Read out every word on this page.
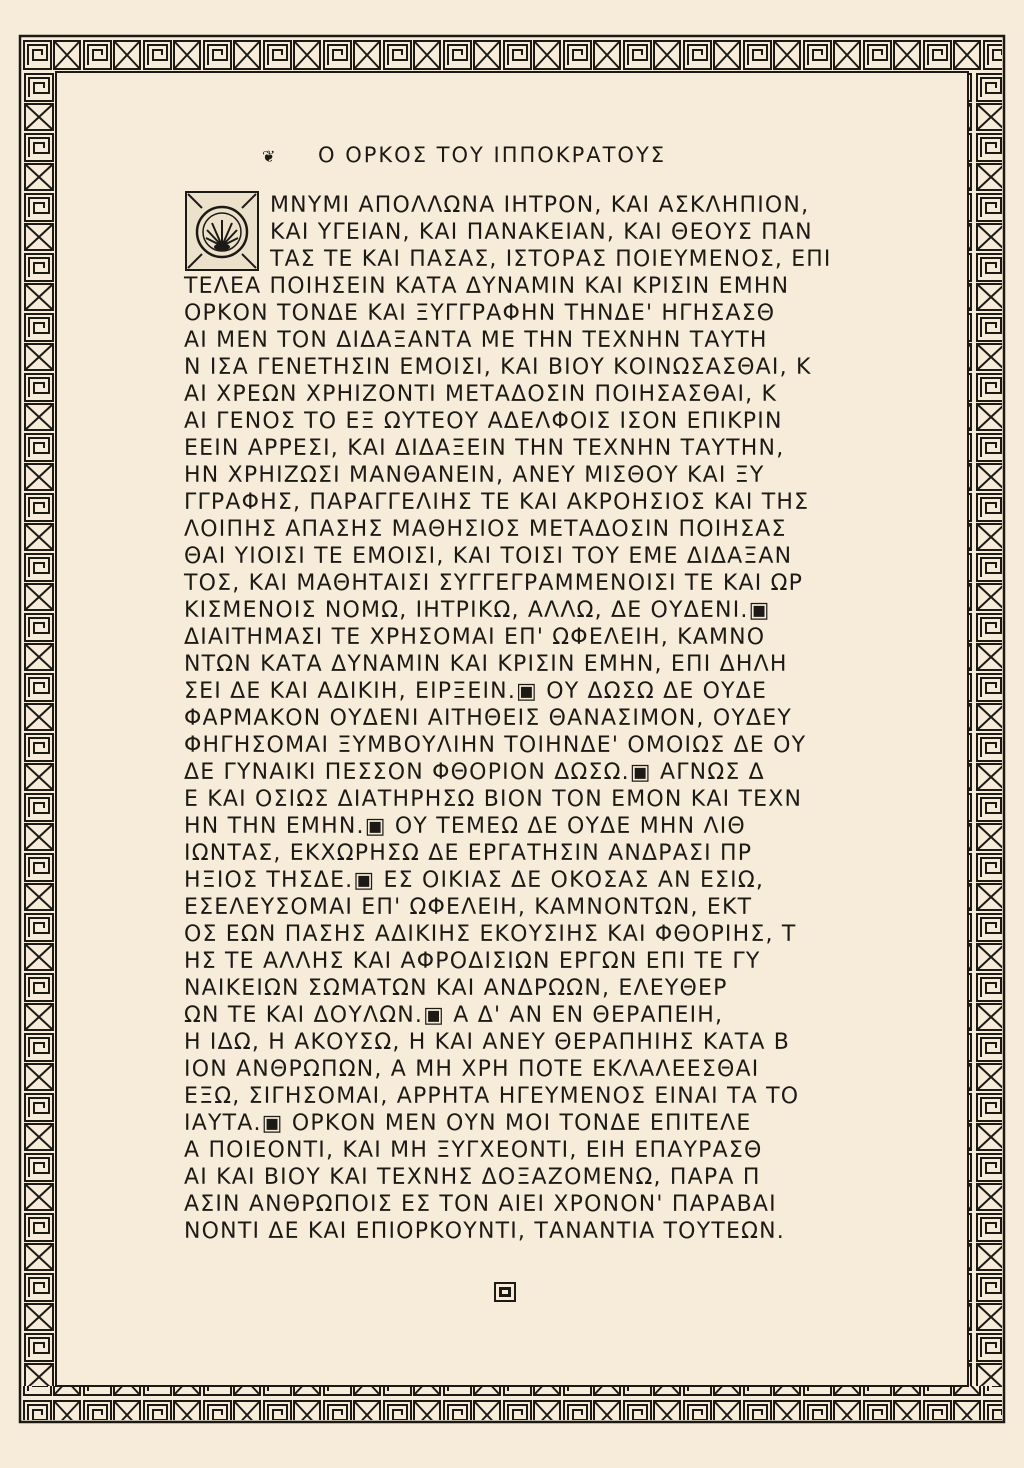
❦ Ο ΟΡΚΟΣ ΤΟΥ ΙΠΠΟΚΡΑΤΟΥΣ
ΜΝΥΜΙ ΑΠΟΛΛΩΝΑ ΙΗΤΡΟΝ, ΚΑΙ ΑΣΚΛΗΠΙΟΝ,
ΚΑΙ ΥΓΕΙΑΝ, ΚΑΙ ΠΑΝΑΚΕΙΑΝ, ΚΑΙ ΘΕΟΥΣ ΠΑΝ
ΤΑΣ ΤΕ ΚΑΙ ΠΑΣΑΣ, ΙΣΤΟΡΑΣ ΠΟΙΕΥΜΕΝΟΣ, ΕΠΙ
ΤΕΛΕΑ ΠΟΙΗΣΕΙΝ ΚΑΤΑ ΔΥΝΑΜΙΝ ΚΑΙ ΚΡΙΣΙΝ ΕΜΗΝ
ΟΡΚΟΝ ΤΟΝΔΕ ΚΑΙ ΞΥΓΓΡΑΦΗΝ ΤΗΝΔΕ' ΗΓΗΣΑΣΘ
ΑΙ ΜΕΝ ΤΟΝ ΔΙΔΑΞΑΝΤΑ ΜΕ ΤΗΝ ΤΕΧΝΗΝ ΤΑΥΤΗ
Ν ΙΣΑ ΓΕΝΕΤΗΣΙΝ ΕΜΟΙΣΙ, ΚΑΙ ΒΙΟΥ ΚΟΙΝΩΣΑΣΘΑΙ, Κ
ΑΙ ΧΡΕΩΝ ΧΡΗΙΖΟΝΤΙ ΜΕΤΑΔΟΣΙΝ ΠΟΙΗΣΑΣΘΑΙ, Κ
ΑΙ ΓΕΝΟΣ ΤΟ ΕΞ ΩΥΤΕΟΥ ΑΔΕΛΦΟΙΣ ΙΣΟΝ ΕΠΙΚΡΙΝ
ΕΕΙΝ ΑΡΡΕΣΙ, ΚΑΙ ΔΙΔΑΞΕΙΝ ΤΗΝ ΤΕΧΝΗΝ ΤΑΥΤΗΝ,
ΗΝ ΧΡΗΙΖΩΣΙ ΜΑΝΘΑΝΕΙΝ, ΑΝΕΥ ΜΙΣΘΟΥ ΚΑΙ ΞΥ
ΓΓΡΑΦΗΣ, ΠΑΡΑΓΓΕΛΙΗΣ ΤΕ ΚΑΙ ΑΚΡΟΗΣΙΟΣ ΚΑΙ ΤΗΣ
ΛΟΙΠΗΣ ΑΠΑΣΗΣ ΜΑΘΗΣΙΟΣ ΜΕΤΑΔΟΣΙΝ ΠΟΙΗΣΑΣ
ΘΑΙ ΥΙΟΙΣΙ ΤΕ ΕΜΟΙΣΙ, ΚΑΙ ΤΟΙΣΙ ΤΟΥ ΕΜΕ ΔΙΔΑΞΑΝ
ΤΟΣ, ΚΑΙ ΜΑΘΗΤΑΙΣΙ ΣΥΓΓΕΓΡΑΜΜΕΝΟΙΣΙ ΤΕ ΚΑΙ ΩΡ
ΚΙΣΜΕΝΟΙΣ ΝΟΜΩ, ΙΗΤΡΙΚΩ, ΑΛΛΩ, ΔΕ ΟΥΔΕΝΙ.▣
ΔΙΑΙΤΗΜΑΣΙ ΤΕ ΧΡΗΣΟΜΑΙ ΕΠ' ΩΦΕΛΕΙΗ, ΚΑΜΝΟ
ΝΤΩΝ ΚΑΤΑ ΔΥΝΑΜΙΝ ΚΑΙ ΚΡΙΣΙΝ ΕΜΗΝ, ΕΠΙ ΔΗΛΗ
ΣΕΙ ΔΕ ΚΑΙ ΑΔΙΚΙΗ, ΕΙΡΞΕΙΝ.▣ ΟΥ ΔΩΣΩ ΔΕ ΟΥΔΕ
ΦΑΡΜΑΚΟΝ ΟΥΔΕΝΙ ΑΙΤΗΘΕΙΣ ΘΑΝΑΣΙΜΟΝ, ΟΥΔΕΥ
ΦΗΓΗΣΟΜΑΙ ΞΥΜΒΟΥΛΙΗΝ ΤΟΙΗΝΔΕ' ΟΜΟΙΩΣ ΔΕ ΟΥ
ΔΕ ΓΥΝΑΙΚΙ ΠΕΣΣΟΝ ΦΘΟΡΙΟΝ ΔΩΣΩ.▣ ΑΓΝΩΣ Δ
Ε ΚΑΙ ΟΣΙΩΣ ΔΙΑΤΗΡΗΣΩ ΒΙΟΝ ΤΟΝ ΕΜΟΝ ΚΑΙ ΤΕΧΝ
ΗΝ ΤΗΝ ΕΜΗΝ.▣ ΟΥ ΤΕΜΕΩ ΔΕ ΟΥΔΕ ΜΗΝ ΛΙΘ
ΙΩΝΤΑΣ, ΕΚΧΩΡΗΣΩ ΔΕ ΕΡΓΑΤΗΣΙΝ ΑΝΔΡΑΣΙ ΠΡ
ΗΞΙΟΣ ΤΗΣΔΕ.▣ ΕΣ ΟΙΚΙΑΣ ΔΕ ΟΚΟΣΑΣ ΑΝ ΕΣΙΩ,
ΕΣΕΛΕΥΣΟΜΑΙ ΕΠ' ΩΦΕΛΕΙΗ, ΚΑΜΝΟΝΤΩΝ, ΕΚΤ
ΟΣ ΕΩΝ ΠΑΣΗΣ ΑΔΙΚΙΗΣ ΕΚΟΥΣΙΗΣ ΚΑΙ ΦΘΟΡΙΗΣ, Τ
ΗΣ ΤΕ ΑΛΛΗΣ ΚΑΙ ΑΦΡΟΔΙΣΙΩΝ ΕΡΓΩΝ ΕΠΙ ΤΕ ΓΥ
ΝΑΙΚΕΙΩΝ ΣΩΜΑΤΩΝ ΚΑΙ ΑΝΔΡΩΩΝ, ΕΛΕΥΘΕΡ
ΩΝ ΤΕ ΚΑΙ ΔΟΥΛΩΝ.▣ Α Δ' ΑΝ ΕΝ ΘΕΡΑΠΕΙΗ,
Η ΙΔΩ, Η ΑΚΟΥΣΩ, Η ΚΑΙ ΑΝΕΥ ΘΕΡΑΠΗΙΗΣ ΚΑΤΑ Β
ΙΟΝ ΑΝΘΡΩΠΩΝ, Α ΜΗ ΧΡΗ ΠΟΤΕ ΕΚΛΑΛΕΕΣΘΑΙ
ΕΞΩ, ΣΙΓΗΣΟΜΑΙ, ΑΡΡΗΤΑ ΗΓΕΥΜΕΝΟΣ ΕΙΝΑΙ ΤΑ ΤΟ
ΙΑΥΤΑ.▣ ΟΡΚΟΝ ΜΕΝ ΟΥΝ ΜΟΙ ΤΟΝΔΕ ΕΠΙΤΕΛΕ
Α ΠΟΙΕΟΝΤΙ, ΚΑΙ ΜΗ ΞΥΓΧΕΟΝΤΙ, ΕΙΗ ΕΠΑΥΡΑΣΘ
ΑΙ ΚΑΙ ΒΙΟΥ ΚΑΙ ΤΕΧΝΗΣ ΔΟΞΑΖΟΜΕΝΩ, ΠΑΡΑ Π
ΑΣΙΝ ΑΝΘΡΩΠΟΙΣ ΕΣ ΤΟΝ ΑΙΕΙ ΧΡΟΝΟΝ' ΠΑΡΑΒΑΙ
ΝΟΝΤΙ ΔΕ ΚΑΙ ΕΠΙΟΡΚΟΥΝΤΙ, ΤΑΝΑΝΤΙΑ ΤΟΥΤΕΩΝ.
